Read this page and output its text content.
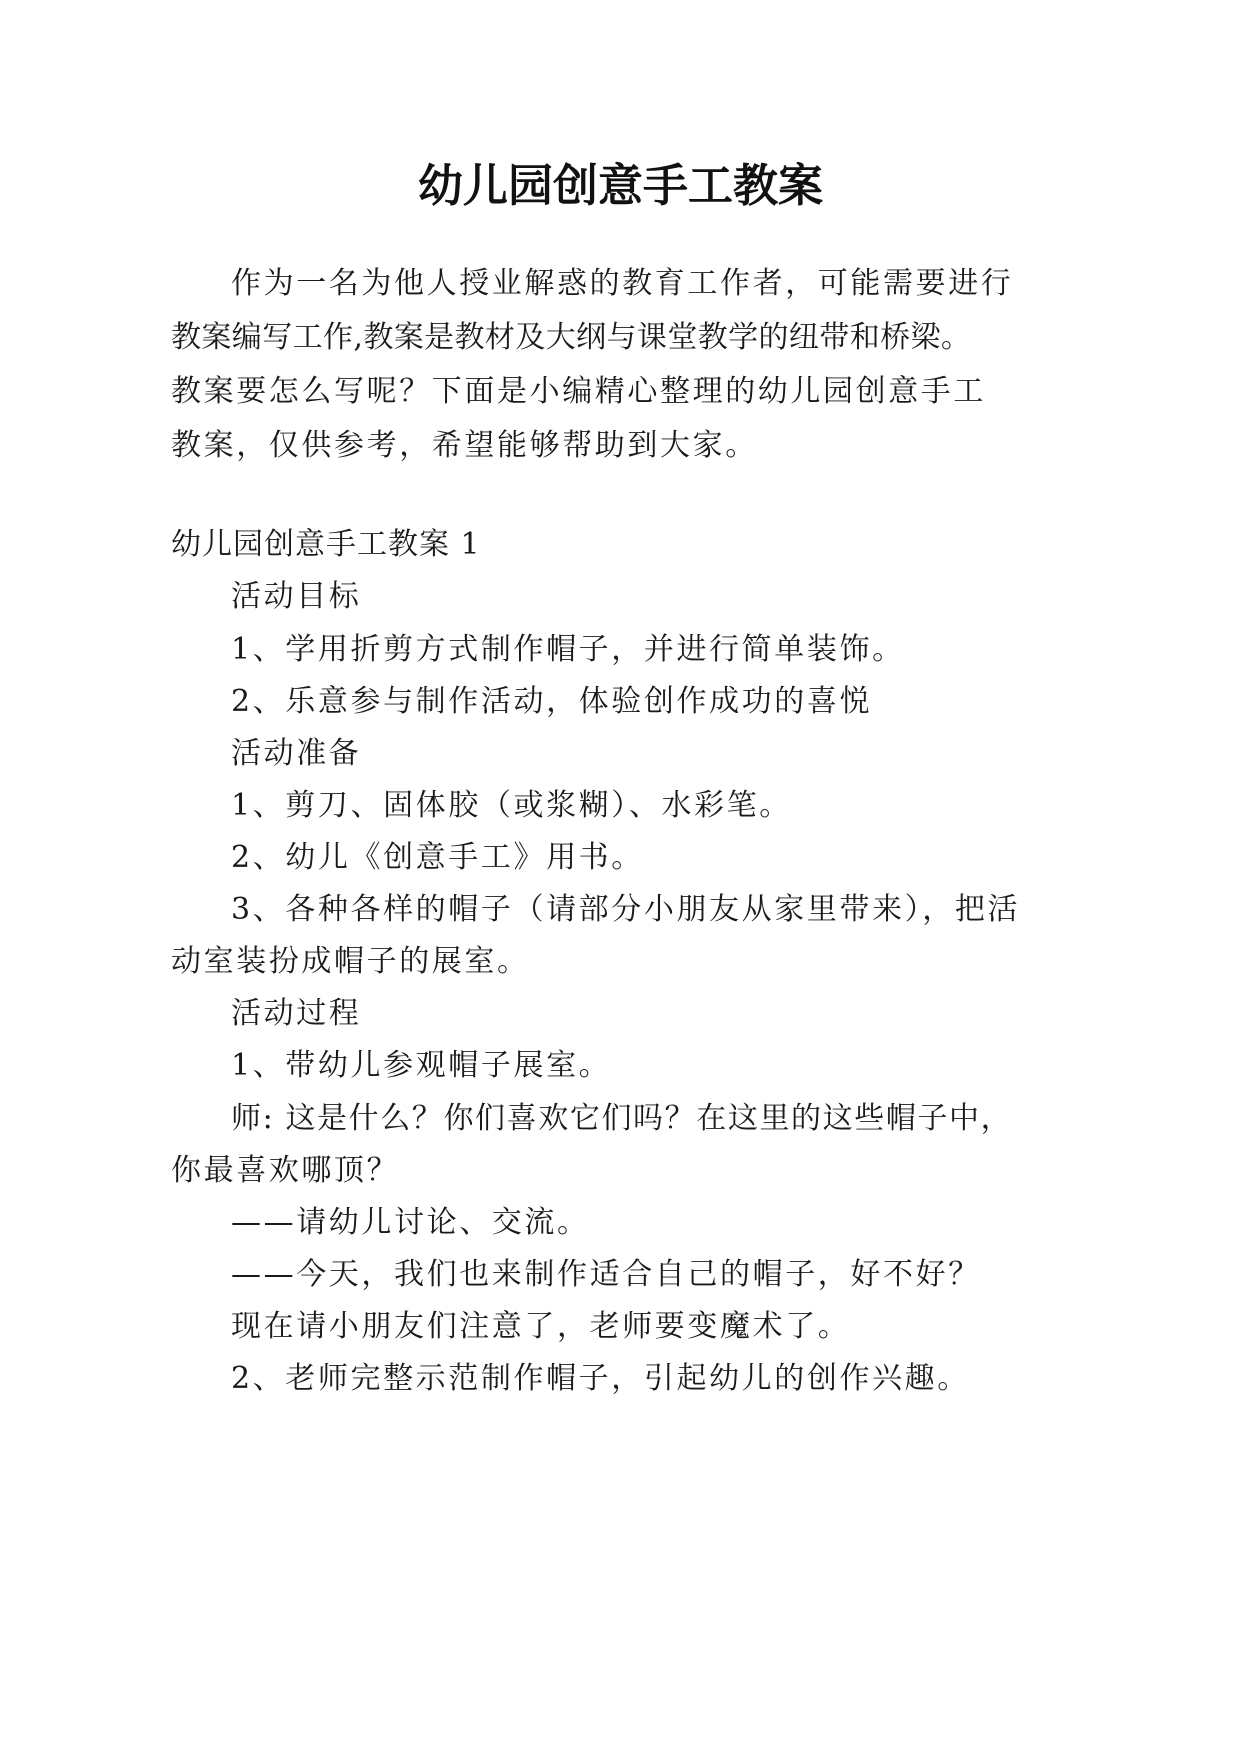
幼儿园创意手工教案

作为一名为他人授业解惑的教育工作者，可能需要进行

教案编写工作,教案是教材及大纲与课堂教学的纽带和桥梁。

教案要怎么写呢？下面是小编精心整理的幼儿园创意手工

教案，仅供参考，希望能够帮助到大家。

幼儿园创意手工教案 1

活动目标

1、学用折剪方式制作帽子，并进行简单装饰。

2、乐意参与制作活动，体验创作成功的喜悦

活动准备

1、剪刀、固体胶（或浆糊）、水彩笔。

2、幼儿《创意手工》用书。

3、各种各样的帽子（请部分小朋友从家里带来），把活

动室装扮成帽子的展室。

活动过程

1、带幼儿参观帽子展室。

师: 这是什么？你们喜欢它们吗？在这里的这些帽子中，

你最喜欢哪顶？

——请幼儿讨论、交流。

——今天，我们也来制作适合自己的帽子，好不好？

现在请小朋友们注意了，老师要变魔术了。

2、老师完整示范制作帽子，引起幼儿的创作兴趣。
